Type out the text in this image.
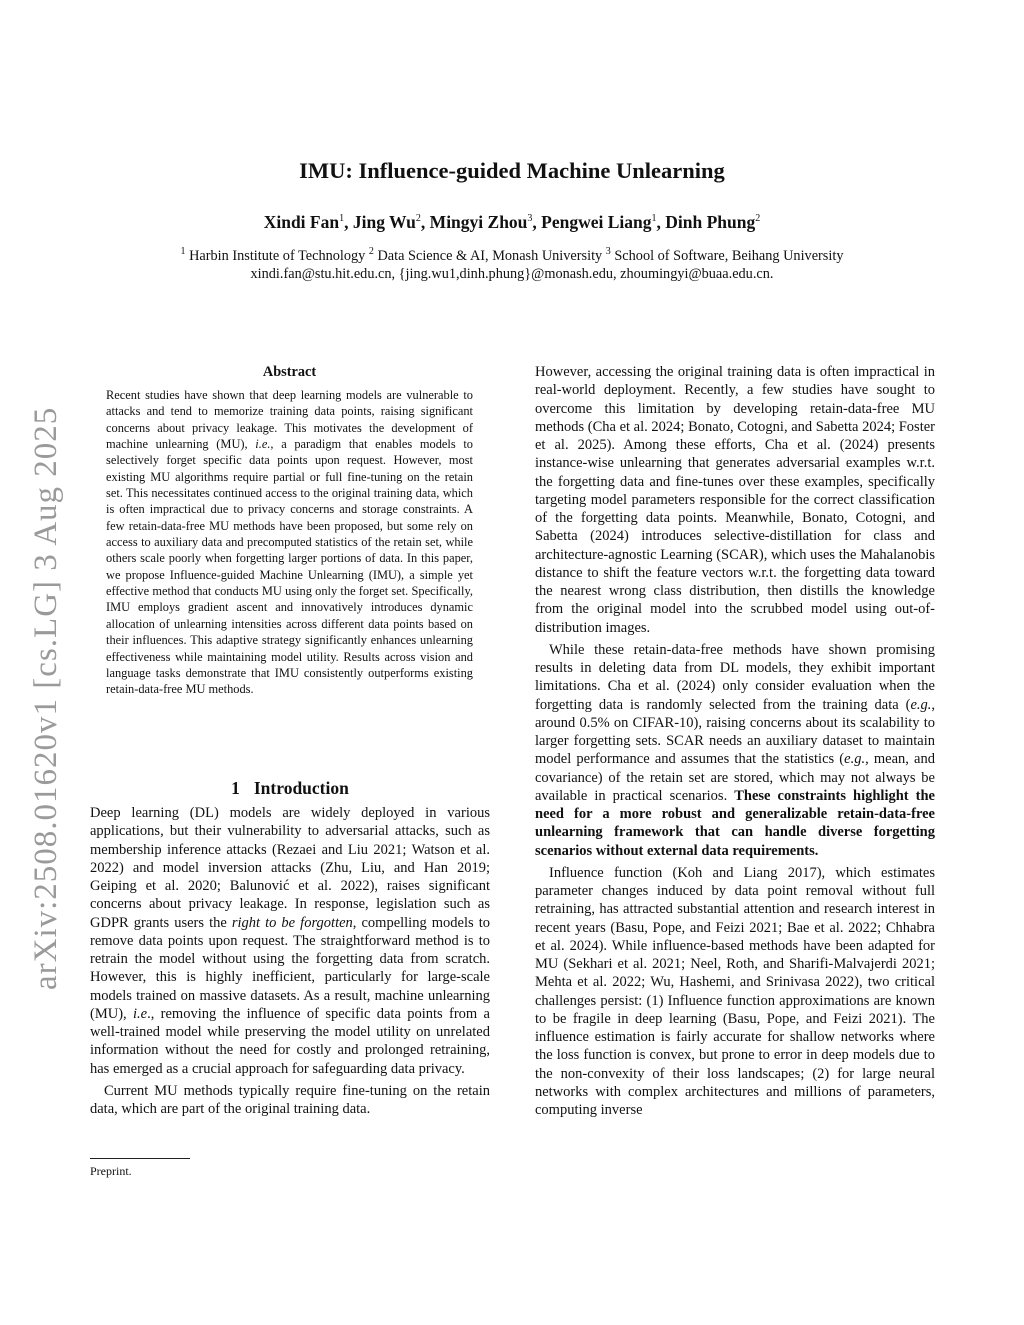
arXiv:2508.01620v1 [cs.LG] 3 Aug 2025
IMU: Influence-guided Machine Unlearning
Xindi Fan$^1$, Jing Wu$^2$, Mingyi Zhou$^3$, Pengwei Liang$^1$, Dinh Phung$^2$
$^1$ Harbin Institute of Technology $^2$ Data Science & AI, Monash University $^3$ School of Software, Beihang University
xindi.fan@stu.hit.edu.cn, {jing.wu1,dinh.phung}@monash.edu, zhoumingyi@buaa.edu.cn.

Abstract

Recent studies have shown that deep learning models are vulnerable to attacks and tend to memorize training data points, raising significant concerns about privacy leakage. This motivates the development of machine unlearning (MU), i.e., a paradigm that enables models to selectively forget specific data points upon request. However, most existing MU algorithms require partial or full fine-tuning on the retain set. This necessitates continued access to the original training data, which is often impractical due to privacy concerns and storage constraints. A few retain-data-free MU methods have been proposed, but some rely on access to auxiliary data and precomputed statistics of the retain set, while others scale poorly when forgetting larger portions of data. In this paper, we propose Influence-guided Machine Unlearning (IMU), a simple yet effective method that conducts MU using only the forget set. Specifically, IMU employs gradient ascent and innovatively introduces dynamic allocation of unlearning intensities across different data points based on their influences. This adaptive strategy significantly enhances unlearning effectiveness while maintaining model utility. Results across vision and language tasks demonstrate that IMU consistently outperforms existing retain-data-free MU methods.

1 Introduction

Deep learning (DL) models are widely deployed in various applications, but their vulnerability to adversarial attacks, such as membership inference attacks (Rezaei and Liu 2021; Watson et al. 2022) and model inversion attacks (Zhu, Liu, and Han 2019; Geiping et al. 2020; Balunović et al. 2022), raises significant concerns about privacy leakage. In response, legislation such as GDPR grants users the right to be forgotten, compelling models to remove data points upon request. The straightforward method is to retrain the model without using the forgetting data from scratch. However, this is highly inefficient, particularly for large-scale models trained on massive datasets. As a result, machine unlearning (MU), i.e., removing the influence of specific data points from a well-trained model while preserving the model utility on unrelated information without the need for costly and prolonged retraining, has emerged as a crucial approach for safeguarding data privacy.

Current MU methods typically require fine-tuning on the retain data, which are part of the original training data.

Preprint.

However, accessing the original training data is often impractical in real-world deployment. Recently, a few studies have sought to overcome this limitation by developing retain-data-free MU methods (Cha et al. 2024; Bonato, Cotogni, and Sabetta 2024; Foster et al. 2025). Among these efforts, Cha et al. (2024) presents instance-wise unlearning that generates adversarial examples w.r.t. the forgetting data and fine-tunes over these examples, specifically targeting model parameters responsible for the correct classification of the forgetting data points. Meanwhile, Bonato, Cotogni, and Sabetta (2024) introduces selective-distillation for class and architecture-agnostic Learning (SCAR), which uses the Mahalanobis distance to shift the feature vectors w.r.t. the forgetting data toward the nearest wrong class distribution, then distills the knowledge from the original model into the scrubbed model using out-of-distribution images.

While these retain-data-free methods have shown promising results in deleting data from DL models, they exhibit important limitations. Cha et al. (2024) only consider evaluation when the forgetting data is randomly selected from the training data (e.g., around 0.5% on CIFAR-10), raising concerns about its scalability to larger forgetting sets. SCAR needs an auxiliary dataset to maintain model performance and assumes that the statistics (e.g., mean, and covariance) of the retain set are stored, which may not always be available in practical scenarios. These constraints highlight the need for a more robust and generalizable retain-data-free unlearning framework that can handle diverse forgetting scenarios without external data requirements.

Influence function (Koh and Liang 2017), which estimates parameter changes induced by data point removal without full retraining, has attracted substantial attention and research interest in recent years (Basu, Pope, and Feizi 2021; Bae et al. 2022; Chhabra et al. 2024). While influence-based methods have been adapted for MU (Sekhari et al. 2021; Neel, Roth, and Sharifi-Malvajerdi 2021; Mehta et al. 2022; Wu, Hashemi, and Srinivasa 2022), two critical challenges persist: (1) Influence function approximations are known to be fragile in deep learning (Basu, Pope, and Feizi 2021). The influence estimation is fairly accurate for shallow networks where the loss function is convex, but prone to error in deep models due to the non-convexity of their loss landscapes; (2) for large neural networks with complex architectures and millions of parameters, computing inverse
